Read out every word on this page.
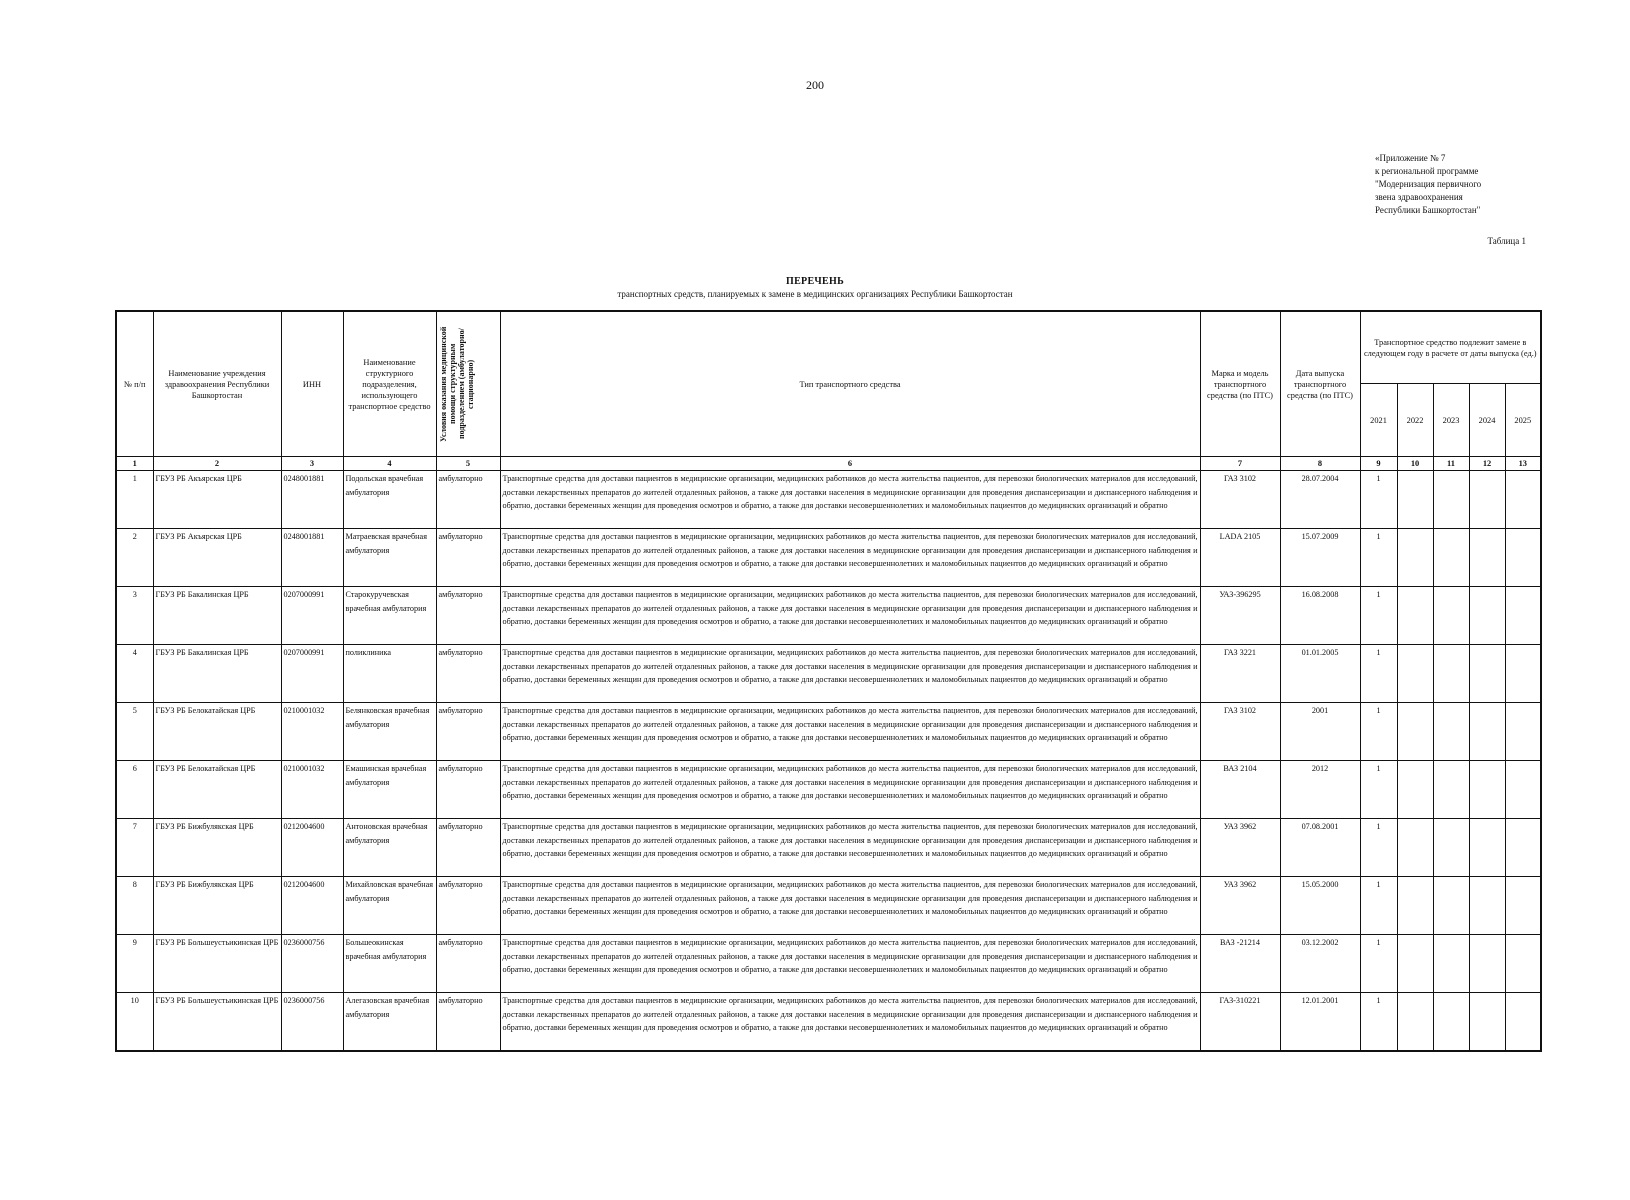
200
«Приложение № 7
к региональной программе
"Модернизация первичного
звена здравоохранения
Республики Башкортостан"
Таблица 1
ПЕРЕЧЕНЬ
транспортных средств, планируемых к замене в медицинских организациях Республики Башкортостан
№ п/п	Наименование учреждения здравоохранения Республики Башкортостан	ИНН	Наименование структурного подразделения, использующего транспортное средство	Условия оказания медицинской помощи структурным подразделением (амбулаторно/ стационарно)	Тип транспортного средства	Марка и модель транспортного средства (по ПТС)	Дата выпуска транспортного средства (по ПТС)	Транспортное средство подлежит замене в следующем году в расчете от даты выпуска (ед.)				
								2021	2022	2023	2024	2025
1	2	3	4	5	6	7	8	9	10	11	12	13
1	ГБУЗ РБ Акъярская ЦРБ	0248001881	Подольская врачебная амбулатория	амбулаторно	Транспортные средства для доставки пациентов в медицинские организации, медицинских работников до места жительства пациентов, для перевозки биологических материалов для исследований, доставки лекарственных препаратов до жителей отдаленных районов, а также для доставки населения в медицинские организации для проведения диспансеризации и диспансерного наблюдения и обратно, доставки беременных женщин для проведения осмотров и обратно, а также для доставки несовершеннолетних и маломобильных пациентов до медицинских организаций и обратно	ГАЗ 3102	28.07.2004	1				
2	ГБУЗ РБ Акъярская ЦРБ	0248001881	Матраевская врачебная амбулатория	амбулаторно	Транспортные средства для доставки пациентов в медицинские организации, медицинских работников до места жительства пациентов, для перевозки биологических материалов для исследований, доставки лекарственных препаратов до жителей отдаленных районов, а также для доставки населения в медицинские организации для проведения диспансеризации и диспансерного наблюдения и обратно, доставки беременных женщин для проведения осмотров и обратно, а также для доставки несовершеннолетних и маломобильных пациентов до медицинских организаций и обратно	LADA 2105	15.07.2009	1				
3	ГБУЗ РБ Бакалинская ЦРБ	0207000991	Старокуручевская врачебная амбулатория	амбулаторно	Транспортные средства для доставки пациентов в медицинские организации, медицинских работников до места жительства пациентов, для перевозки биологических материалов для исследований, доставки лекарственных препаратов до жителей отдаленных районов, а также для доставки населения в медицинские организации для проведения диспансеризации и диспансерного наблюдения и обратно, доставки беременных женщин для проведения осмотров и обратно, а также для доставки несовершеннолетних и маломобильных пациентов до медицинских организаций и обратно	УАЗ-396295	16.08.2008	1				
4	ГБУЗ РБ Бакалинская ЦРБ	0207000991	поликлиника	амбулаторно	Транспортные средства для доставки пациентов в медицинские организации, медицинских работников до места жительства пациентов, для перевозки биологических материалов для исследований, доставки лекарственных препаратов до жителей отдаленных районов, а также для доставки населения в медицинские организации для проведения диспансеризации и диспансерного наблюдения и обратно, доставки беременных женщин для проведения осмотров и обратно, а также для доставки несовершеннолетних и маломобильных пациентов до медицинских организаций и обратно	ГАЗ 3221	01.01.2005	1				
5	ГБУЗ РБ Белокатайская ЦРБ	0210001032	Белянковская врачебная амбулатория	амбулаторно	Транспортные средства для доставки пациентов в медицинские организации, медицинских работников до места жительства пациентов, для перевозки биологических материалов для исследований, доставки лекарственных препаратов до жителей отдаленных районов, а также для доставки населения в медицинские организации для проведения диспансеризации и диспансерного наблюдения и обратно, доставки беременных женщин для проведения осмотров и обратно, а также для доставки несовершеннолетних и маломобильных пациентов до медицинских организаций и обратно	ГАЗ 3102	2001	1				
6	ГБУЗ РБ Белокатайская ЦРБ	0210001032	Емашинская врачебная амбулатория	амбулаторно	Транспортные средства для доставки пациентов в медицинские организации, медицинских работников до места жительства пациентов, для перевозки биологических материалов для исследований, доставки лекарственных препаратов до жителей отдаленных районов, а также для доставки населения в медицинские организации для проведения диспансеризации и диспансерного наблюдения и обратно, доставки беременных женщин для проведения осмотров и обратно, а также для доставки несовершеннолетних и маломобильных пациентов до медицинских организаций и обратно	ВАЗ 2104	2012	1				
7	ГБУЗ РБ Бижбулякская ЦРБ	0212004600	Антоновская врачебная амбулатория	амбулаторно	Транспортные средства для доставки пациентов в медицинские организации, медицинских работников до места жительства пациентов, для перевозки биологических материалов для исследований, доставки лекарственных препаратов до жителей отдаленных районов, а также для доставки населения в медицинские организации для проведения диспансеризации и диспансерного наблюдения и обратно, доставки беременных женщин для проведения осмотров и обратно, а также для доставки несовершеннолетних и маломобильных пациентов до медицинских организаций и обратно	УАЗ 3962	07.08.2001	1				
8	ГБУЗ РБ Бижбулякская ЦРБ	0212004600	Михайловская врачебная амбулатория	амбулаторно	Транспортные средства для доставки пациентов в медицинские организации, медицинских работников до места жительства пациентов, для перевозки биологических материалов для исследований, доставки лекарственных препаратов до жителей отдаленных районов, а также для доставки населения в медицинские организации для проведения диспансеризации и диспансерного наблюдения и обратно, доставки беременных женщин для проведения осмотров и обратно, а также для доставки несовершеннолетних и маломобильных пациентов до медицинских организаций и обратно	УАЗ 3962	15.05.2000	1				
9	ГБУЗ РБ Большеустьикинская ЦРБ	0236000756	Большеокинская врачебная амбулатория	амбулаторно	Транспортные средства для доставки пациентов в медицинские организации, медицинских работников до места жительства пациентов, для перевозки биологических материалов для исследований, доставки лекарственных препаратов до жителей отдаленных районов, а также для доставки населения в медицинские организации для проведения диспансеризации и диспансерного наблюдения и обратно, доставки беременных женщин для проведения осмотров и обратно, а также для доставки несовершеннолетних и маломобильных пациентов до медицинских организаций и обратно	ВАЗ -21214	03.12.2002	1				
10	ГБУЗ РБ Большеустьикинская ЦРБ	0236000756	Алегазовская врачебная амбулатория	амбулаторно	Транспортные средства для доставки пациентов в медицинские организации, медицинских работников до места жительства пациентов, для перевозки биологических материалов для исследований, доставки лекарственных препаратов до жителей отдаленных районов, а также для доставки населения в медицинские организации для проведения диспансеризации и диспансерного наблюдения и обратно, доставки беременных женщин для проведения осмотров и обратно, а также для доставки несовершеннолетних и маломобильных пациентов до медицинских организаций и обратно	ГАЗ-310221	12.01.2001	1				
